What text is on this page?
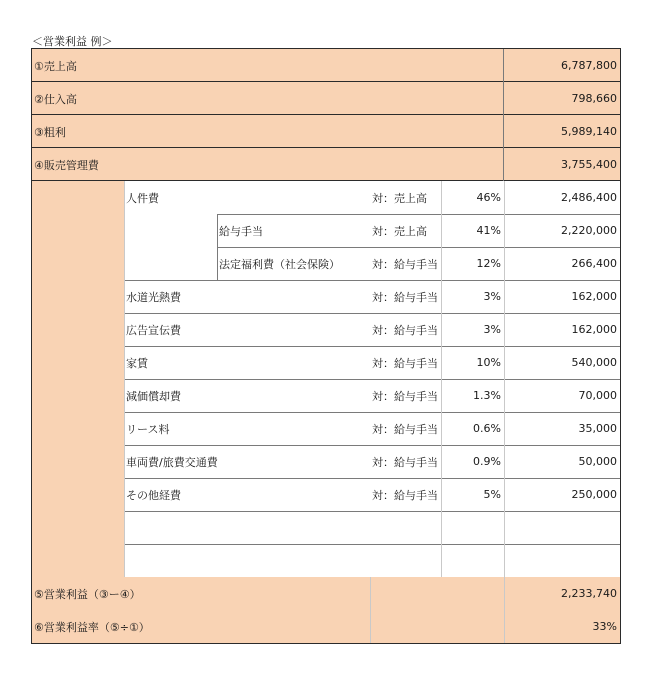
＜営業利益 例＞
①売上高	6,787,800
②仕入高	798,660
③粗利	5,989,140
④販売管理費	3,755,400
人件費	対：売上高	46%	2,486,400
給与手当	対：売上高	41%	2,220,000
法定福利費（社会保険）	対：給与手当	12%	266,400
水道光熱費	対：給与手当	3%	162,000
広告宣伝費	対：給与手当	3%	162,000
家賃	対：給与手当	10%	540,000
減価償却費	対：給与手当	1.3%	70,000
リース料	対：給与手当	0.6%	35,000
車両費/旅費交通費	対：給与手当	0.9%	50,000
その他経費	対：給与手当	5%	250,000
⑤営業利益（③ー④）	2,233,740
⑥営業利益率（⑤÷①）	33%
